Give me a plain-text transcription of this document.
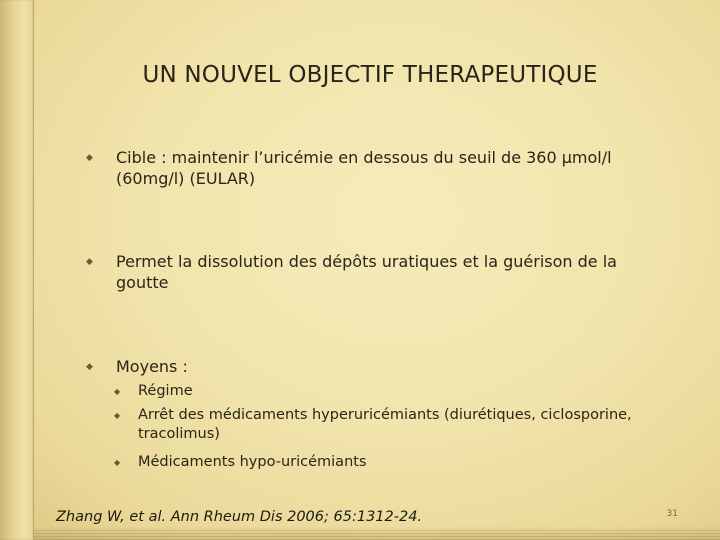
UN NOUVEL OBJECTIF THERAPEUTIQUE
◆ Cible : maintenir l’uricémie en dessous du seuil de 360 µmol/l (60mg/l) (EULAR)
◆ Permet la dissolution des dépôts uratiques et la guérison de la goutte
◆ Moyens :
◆ Régime
◆ Arrêt des médicaments hyperuricémiants (diurétiques, ciclosporine, tracolimus)
◆ Médicaments hypo-uricémiants
Zhang W, et al. Ann Rheum Dis 2006; 65:1312-24.	31
